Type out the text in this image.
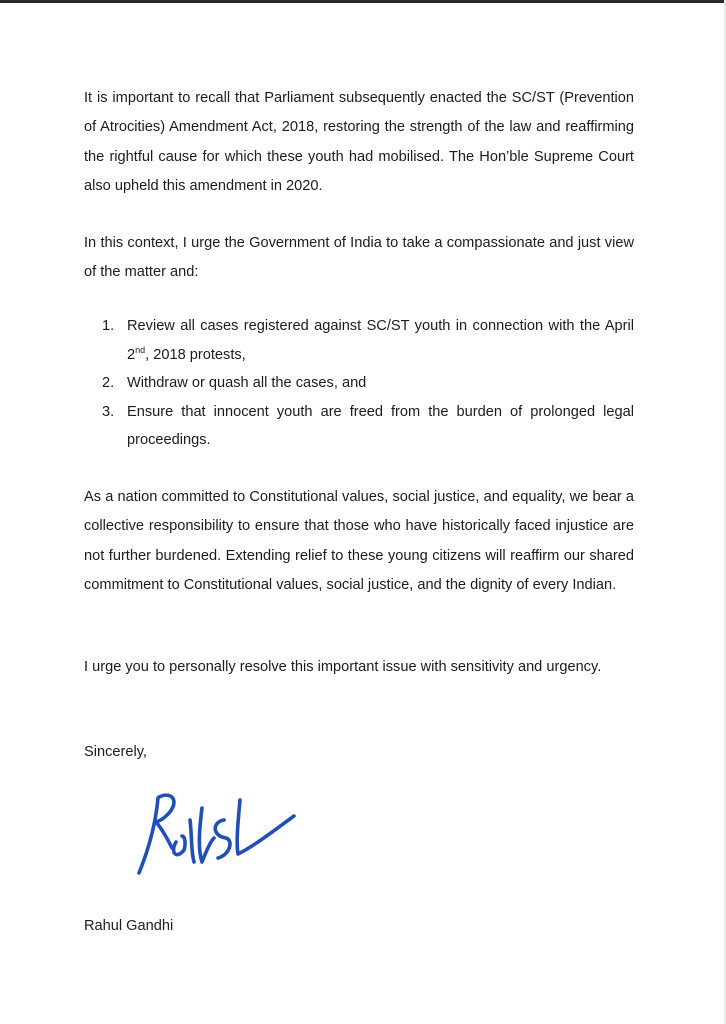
It is important to recall that Parliament subsequently enacted the SC/ST (Prevention of Atrocities) Amendment Act, 2018, restoring the strength of the law and reaffirming the rightful cause for which these youth had mobilised. The Hon’ble Supreme Court also upheld this amendment in 2020.

In this context, I urge the Government of India to take a compassionate and just view of the matter and:

1. Review all cases registered against SC/ST youth in connection with the April 2nd, 2018 protests,
2. Withdraw or quash all the cases, and
3. Ensure that innocent youth are freed from the burden of prolonged legal proceedings.

As a nation committed to Constitutional values, social justice, and equality, we bear a collective responsibility to ensure that those who have historically faced injustice are not further burdened. Extending relief to these young citizens will reaffirm our shared commitment to Constitutional values, social justice, and the dignity of every Indian.

I urge you to personally resolve this important issue with sensitivity and urgency.

Sincerely,

Rahul Gandhi
